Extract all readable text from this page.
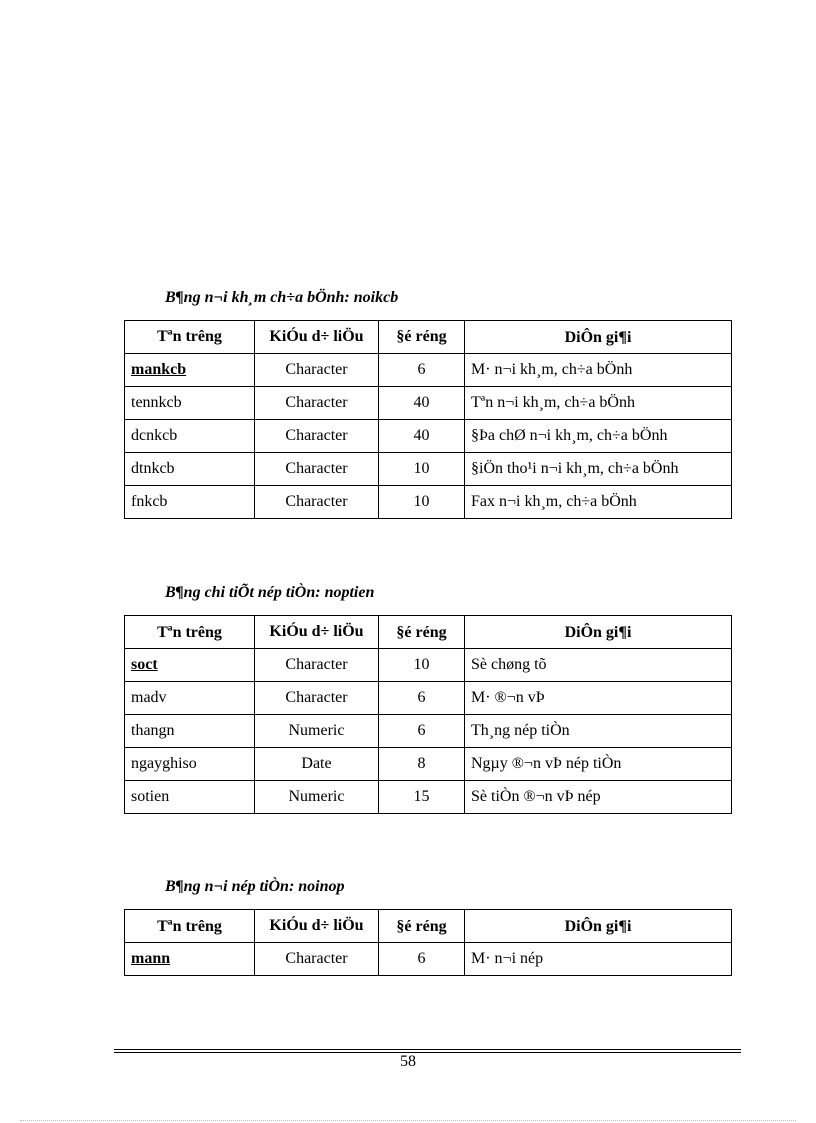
B¶ng n¬i kh¸m ch÷a bÖnh: noikcb
Tªn trêng	KiÓu d÷ liÖu	§é réng	DiÔn gi¶i
mankcb	Character	6	M· n¬i kh¸m, ch÷a bÖnh
tennkcb	Character	40	Tªn n¬i kh¸m, ch÷a bÖnh
dcnkcb	Character	40	§Þa chØ n¬i kh¸m, ch÷a bÖnh
dtnkcb	Character	10	§iÖn tho¹i n¬i kh¸m, ch÷a bÖnh
fnkcb	Character	10	Fax n¬i kh¸m, ch÷a bÖnh
B¶ng chi tiÕt nép tiÒn: noptien
Tªn trêng	KiÓu d÷ liÖu	§é réng	DiÔn gi¶i
soct	Character	10	Sè chøng tõ
madv	Character	6	M· ®¬n vÞ
thangn	Numeric	6	Th¸ng nép tiÒn
ngayghiso	Date	8	Ngµy ®¬n vÞ nép tiÒn
sotien	Numeric	15	Sè tiÒn ®¬n vÞ nép
B¶ng n¬i nép tiÒn: noinop
Tªn trêng	KiÓu d÷ liÖu	§é réng	DiÔn gi¶i
mann	Character	6	M· n¬i nép
58
